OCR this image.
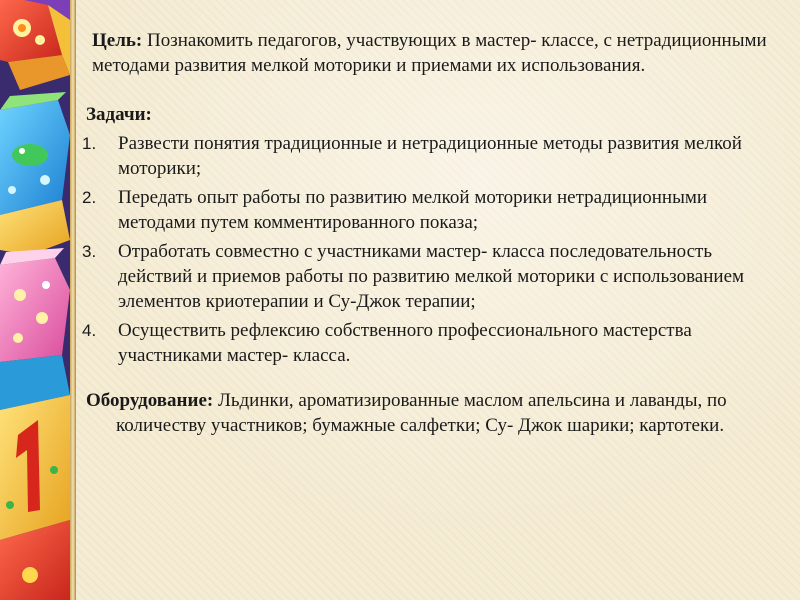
Цель: Познакомить педагогов, участвующих в мастер- классе, с нетрадиционными методами развития мелкой моторики и приемами их использования.

Задачи:
1.	Развести понятия традиционные и нетрадиционные методы развития мелкой моторики;
2.	Передать опыт работы по развитию мелкой моторики нетрадиционными методами путем комментированного показа;
3.	Отработать совместно с участниками мастер- класса последовательность действий и приемов работы по развитию мелкой моторики с использованием элементов криотерапии и Су-Джок терапии;
4.	Осуществить рефлексию собственного профессионального мастерства участниками мастер- класса.

Оборудование: Льдинки, ароматизированные маслом апельсина и лаванды, по количеству участников; бумажные салфетки; Су- Джок шарики; картотеки.
